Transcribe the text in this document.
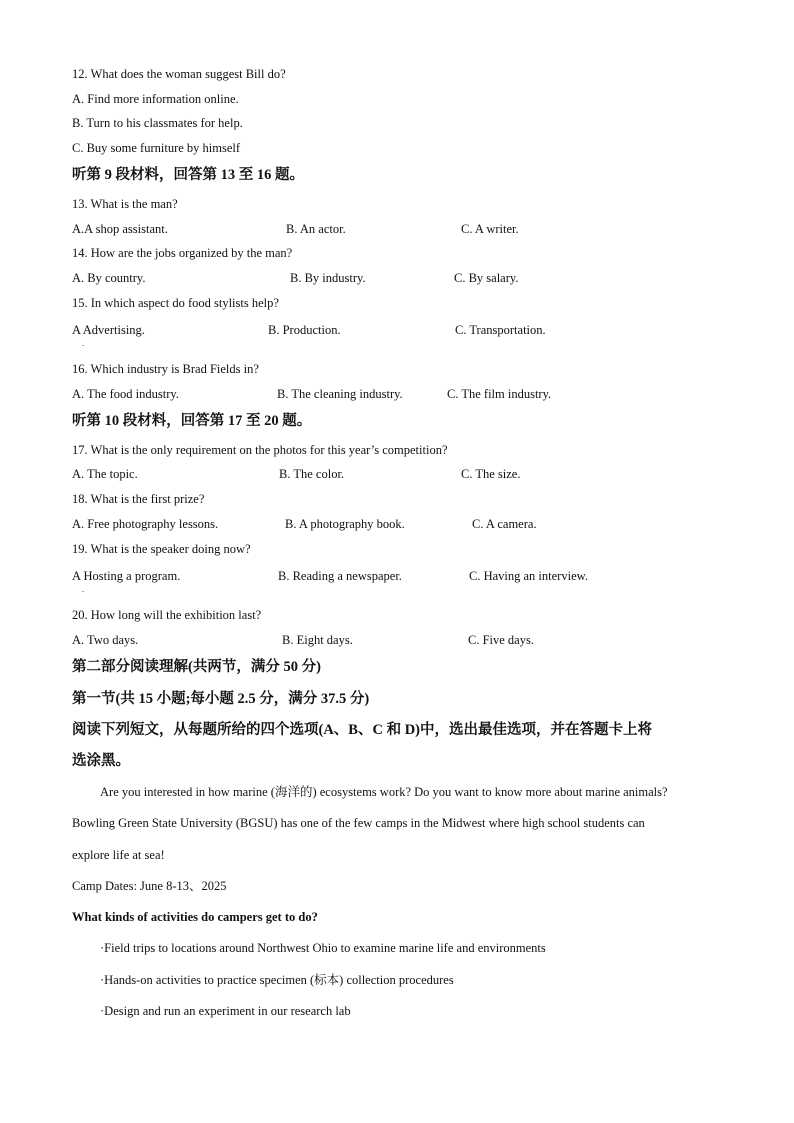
12. What does the woman suggest Bill do?
A. Find more information online.
B. Turn to his classmates for help.
C. Buy some furniture by himself
听第 9 段材料，回答第 13 至 16 题。
13. What is the man?
A.A shop assistant.	B. An actor.	C. A writer.
14. How are the jobs organized by the man?
A. By country.	B. By industry.	C. By salary.
15. In which aspect do food stylists help?
A Advertising.
.
B. Production.	C. Transportation.
16. Which industry is Brad Fields in?
A. The food industry.	B. The cleaning industry.	C. The film industry.
听第 10 段材料，回答第 17 至 20 题。
17. What is the only requirement on the photos for this year’s competition?
A. The topic.	B. The color.	C. The size.
18. What is the first prize?
A. Free photography lessons.	B. A photography book.	C. A camera.
19. What is the speaker doing now?
A Hosting a program.
.
B. Reading a newspaper.	C. Having an interview.
20. How long will the exhibition last?
A. Two days.	B. Eight days.	C. Five days.
第二部分阅读理解(共两节，满分 50 分)
第一节(共 15 小题;每小题 2.5 分，满分 37.5 分)
阅读下列短文，从每题所给的四个选项(A、B、C 和 D)中，选出最佳选项，并在答题卡上将
选涂黑。
Are you interested in how marine (海洋的) ecosystems work? Do you want to know more about marine animals?
Bowling Green State University (BGSU) has one of the few camps in the Midwest where high school students can
explore life at sea!
Camp Dates: June 8-13、2025
What kinds of activities do campers get to do?
·Field trips to locations around Northwest Ohio to examine marine life and environments
·Hands-on activities to practice specimen (标本) collection procedures
·Design and run an experiment in our research lab
